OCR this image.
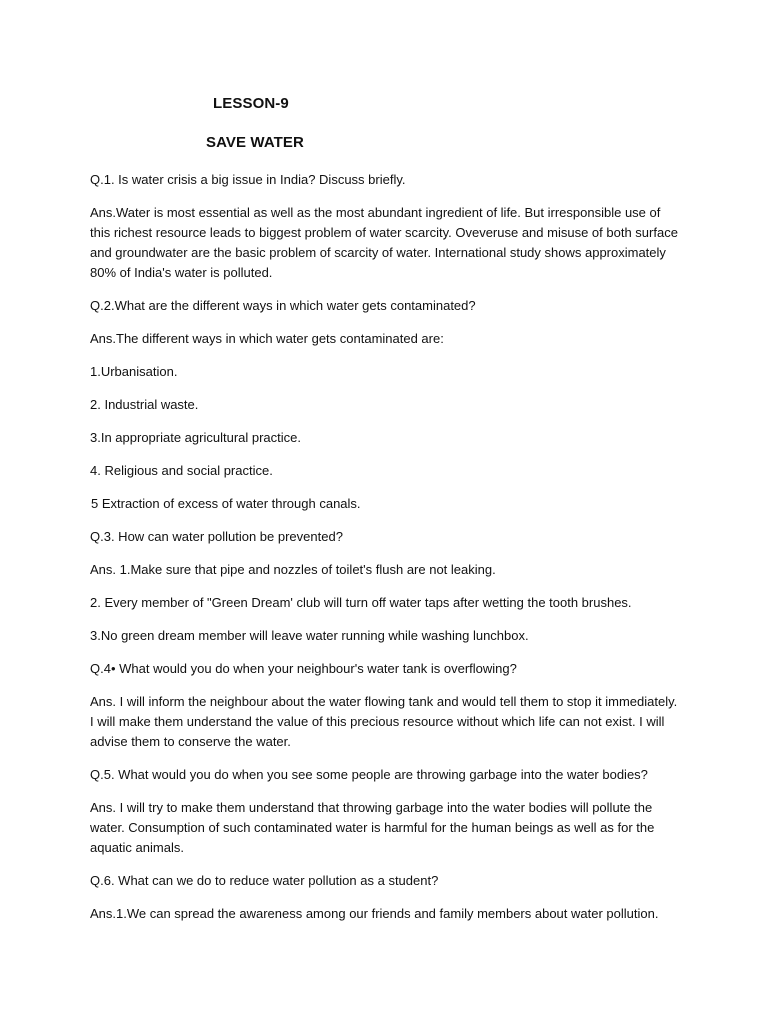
LESSON-9
SAVE WATER

Q.1. Is water crisis a big issue in India? Discuss briefly.

Ans.Water is most essential as well as the most abundant ingredient of life. But irresponsible use of this richest resource leads to biggest problem of water scarcity. Oveveruse and misuse of both surface and groundwater are the basic problem of scarcity of water. International study shows approximately 80% of India's water is polluted.

Q.2.What are the different ways in which water gets contaminated?

Ans.The different ways in which water gets contaminated are:

1.Urbanisation.

2. Industrial waste.

3.In appropriate agricultural practice.

4. Religious and social practice.

5 Extraction of excess of water through canals.

Q.3. How can water pollution be prevented?

Ans. 1.Make sure that pipe and nozzles of toilet's flush are not leaking.

2. Every member of "Green Dream' club will turn off water taps after wetting the tooth brushes.

3.No green dream member will leave water running while washing lunchbox.

Q.4• What would you do when your neighbour's water tank is overflowing?

Ans. I will inform the neighbour about the water flowing tank and would tell them to stop it immediately. I will make them understand the value of this precious resource without which life can not exist. I will advise them to conserve the water.

Q.5. What would you do when you see some people are throwing garbage into the water bodies?

Ans. I will try to make them understand that throwing garbage into the water bodies will pollute the water. Consumption of such contaminated water is harmful for the human beings as well as for the aquatic animals.

Q.6. What can we do to reduce water pollution as a student?

Ans.1.We can spread the awareness among our friends and family members about water pollution.
